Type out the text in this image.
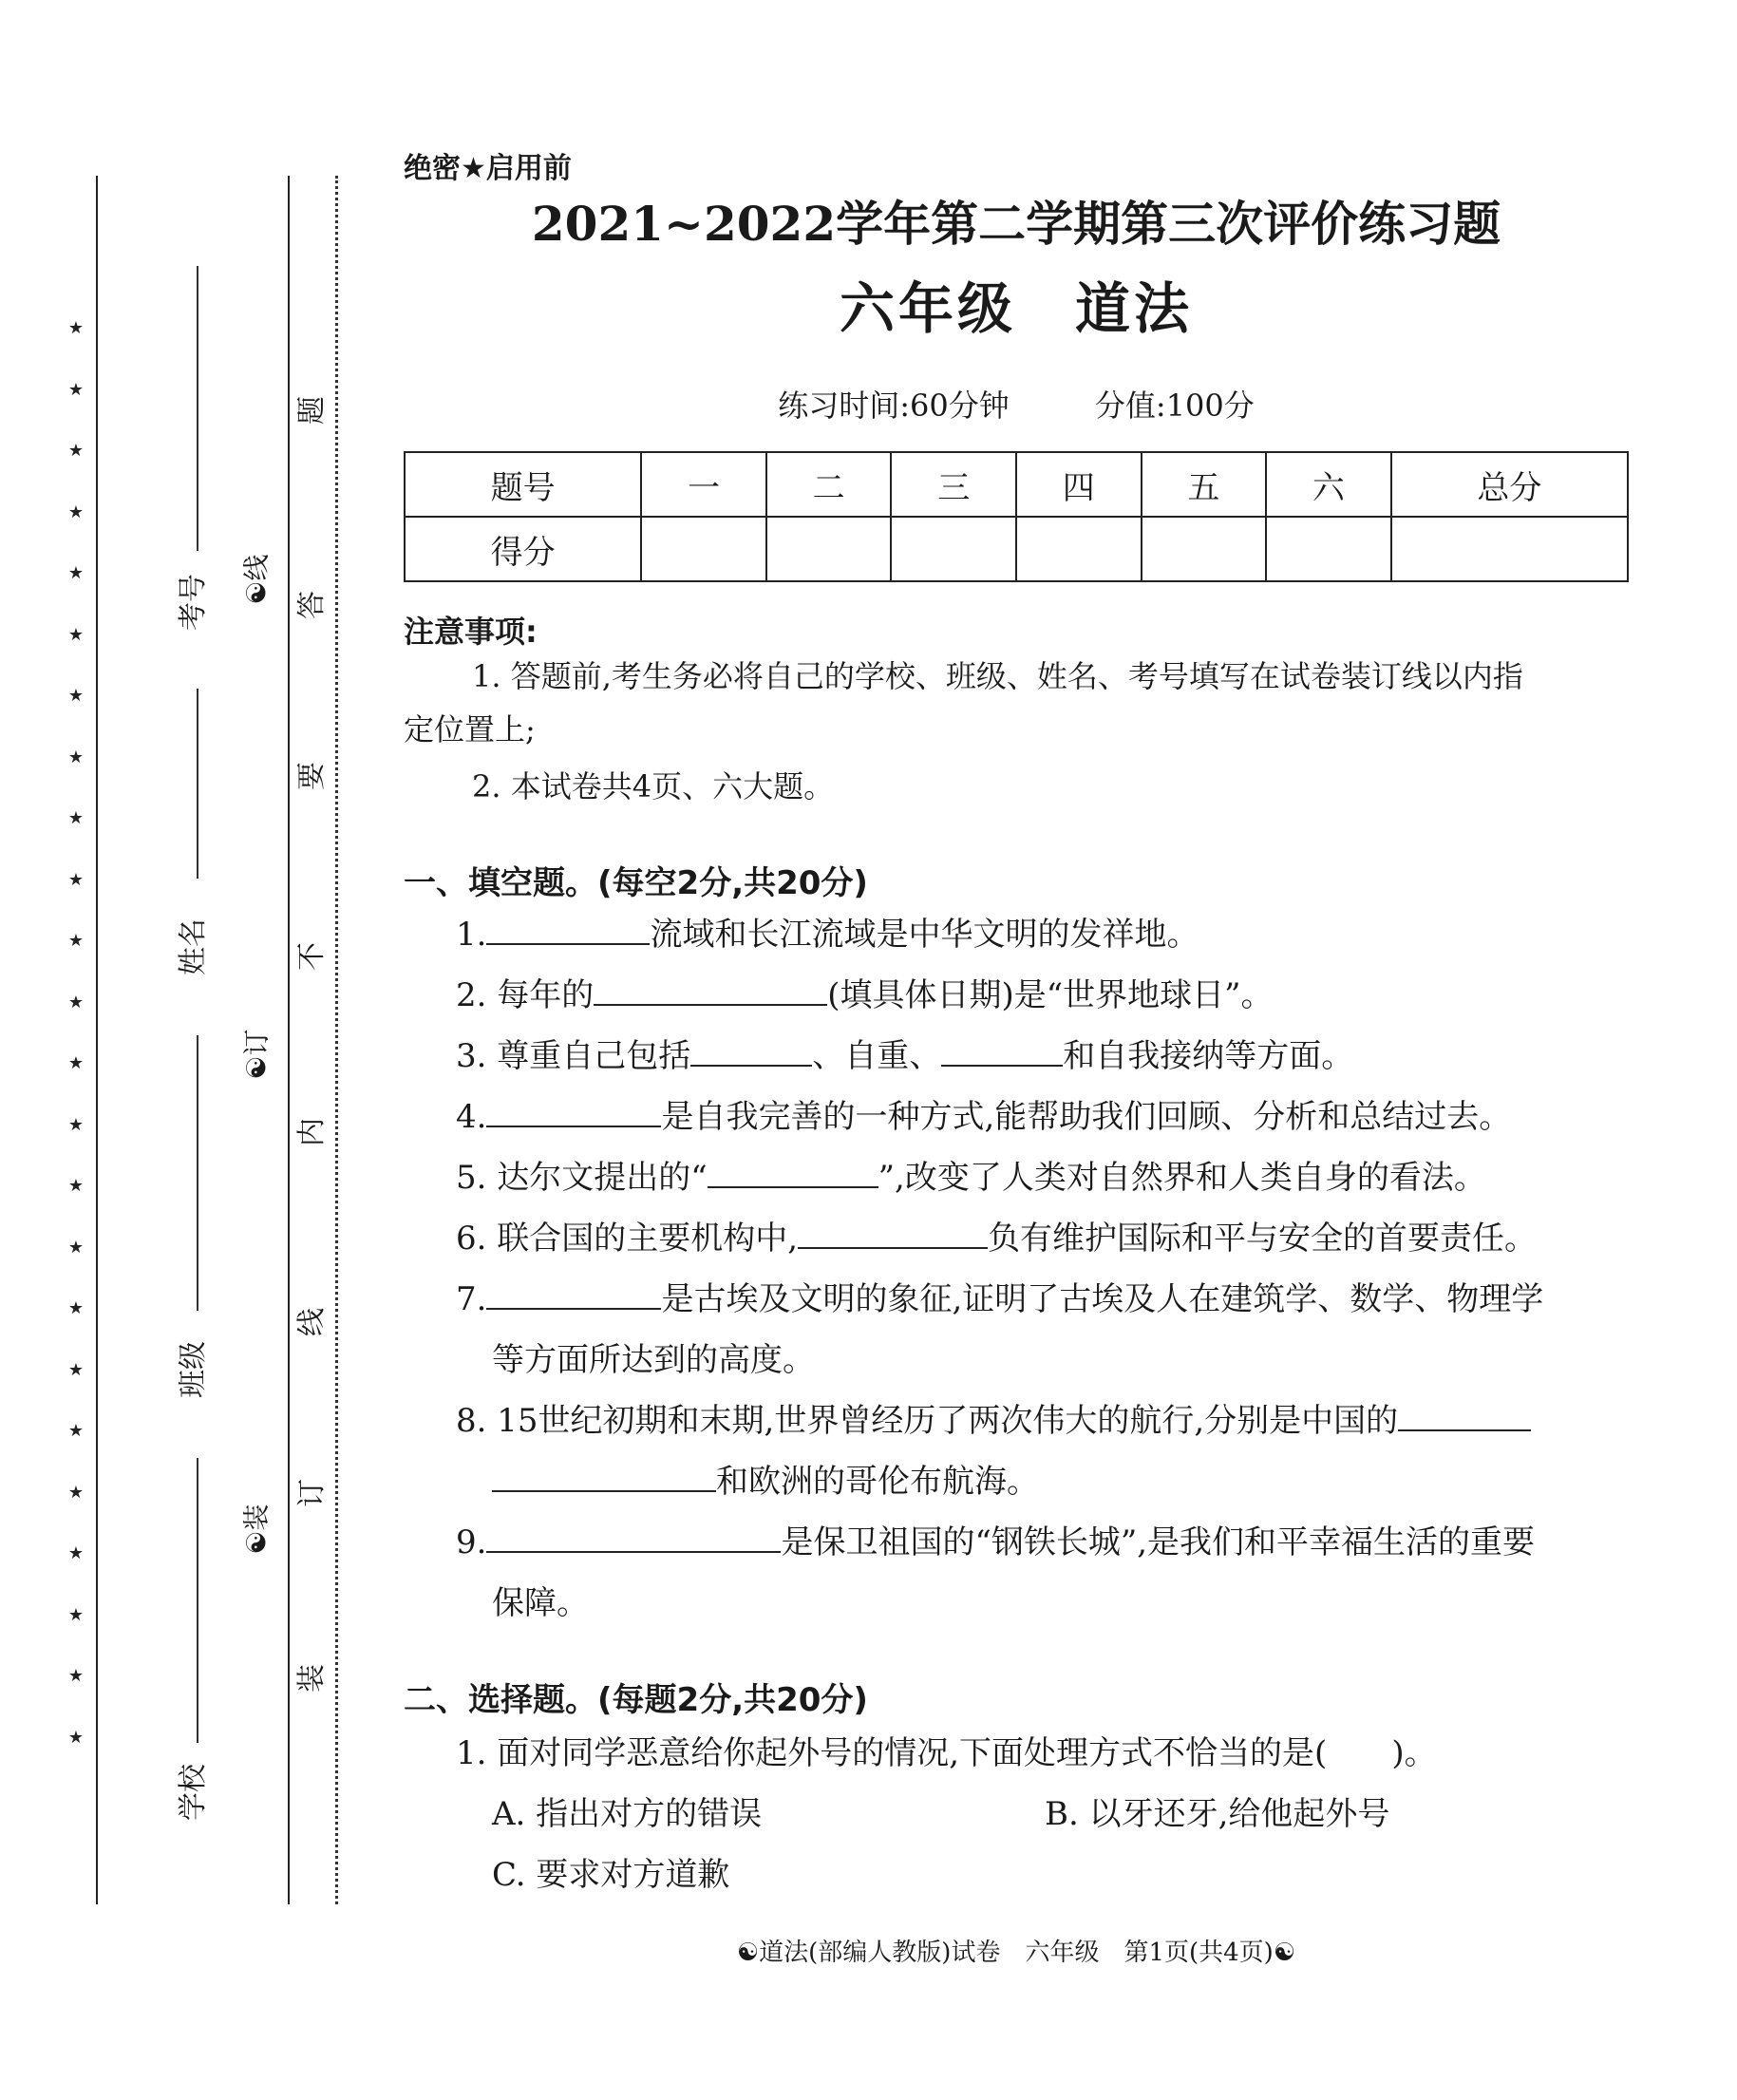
★
★
★
★
★
★
★
★
★
★
★
★
★
★
★
★
★
★
★
★
★
★
★
★
考号
姓名
班级
学校
☯线
☯订
☯装
题
答
要
不
内
线
订
装
绝密★启用前
2021~2022学年第二学期第三次评价练习题
六年级　道法
练习时间:60分钟	分值:100分
题号	一	二	三	四	五	六	总分
得分							
注意事项:
1. 答题前,考生务必将自己的学校、班级、姓名、考号填写在试卷装订线以内指
定位置上;
2. 本试卷共4页、六大题。
一、填空题。(每空2分,共20分)
1.	流域和长江流域是中华文明的发祥地。
2. 每年的	(填具体日期)是“世界地球日”。
3. 尊重自己包括	、自重、	和自我接纳等方面。
4.	是自我完善的一种方式,能帮助我们回顾、分析和总结过去。
5. 达尔文提出的“	”,改变了人类对自然界和人类自身的看法。
6. 联合国的主要机构中,	负有维护国际和平与安全的首要责任。
7.	是古埃及文明的象征,证明了古埃及人在建筑学、数学、物理学
等方面所达到的高度。
8. 15世纪初期和末期,世界曾经历了两次伟大的航行,分别是中国的
和欧洲的哥伦布航海。
9.	是保卫祖国的“钢铁长城”,是我们和平幸福生活的重要
保障。
二、选择题。(每题2分,共20分)
1. 面对同学恶意给你起外号的情况,下面处理方式不恰当的是(　　)。
A. 指出对方的错误	B. 以牙还牙,给他起外号
C. 要求对方道歉
☯道法(部编人教版)试卷　六年级　第1页(共4页)☯
